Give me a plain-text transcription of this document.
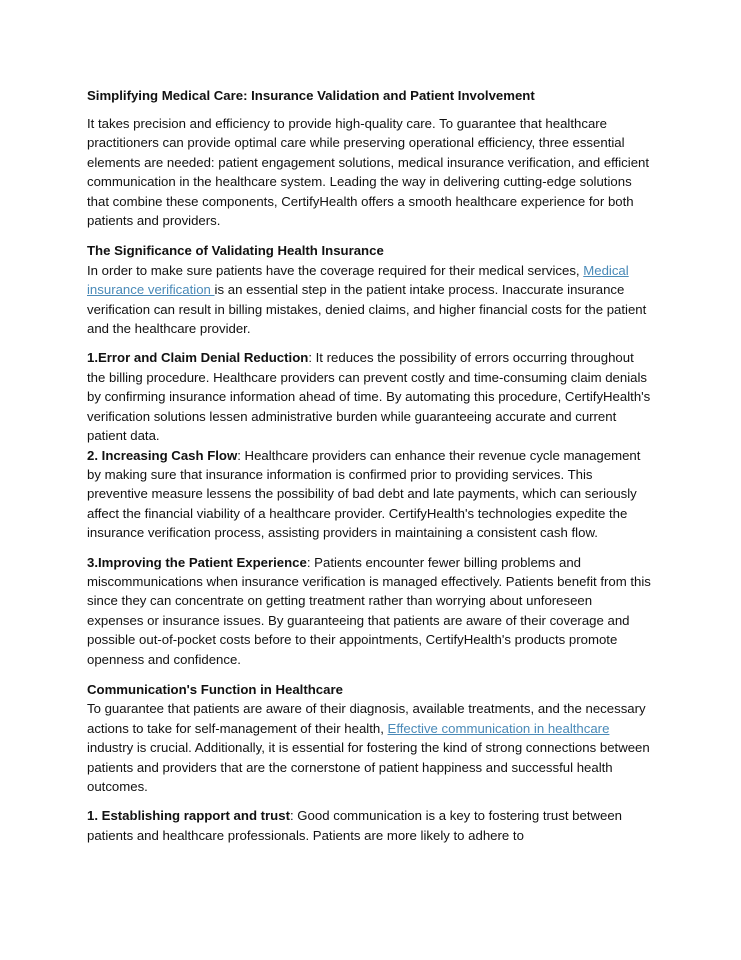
Simplifying Medical Care: Insurance Validation and Patient Involvement

It takes precision and efficiency to provide high-quality care. To guarantee that healthcare practitioners can provide optimal care while preserving operational efficiency, three essential elements are needed: patient engagement solutions, medical insurance verification, and efficient communication in the healthcare system. Leading the way in delivering cutting-edge solutions that combine these components, CertifyHealth offers a smooth healthcare experience for both patients and providers.

The Significance of Validating Health Insurance
In order to make sure patients have the coverage required for their medical services, Medical insurance verification is an essential step in the patient intake process. Inaccurate insurance verification can result in billing mistakes, denied claims, and higher financial costs for the patient and the healthcare provider.

1.Error and Claim Denial Reduction: It reduces the possibility of errors occurring throughout the billing procedure. Healthcare providers can prevent costly and time-consuming claim denials by confirming insurance information ahead of time. By automating this procedure, CertifyHealth's verification solutions lessen administrative burden while guaranteeing accurate and current patient data.

2. Increasing Cash Flow: Healthcare providers can enhance their revenue cycle management by making sure that insurance information is confirmed prior to providing services. This preventive measure lessens the possibility of bad debt and late payments, which can seriously affect the financial viability of a healthcare provider. CertifyHealth's technologies expedite the insurance verification process, assisting providers in maintaining a consistent cash flow.

3.Improving the Patient Experience: Patients encounter fewer billing problems and miscommunications when insurance verification is managed effectively. Patients benefit from this since they can concentrate on getting treatment rather than worrying about unforeseen expenses or insurance issues. By guaranteeing that patients are aware of their coverage and possible out-of-pocket costs before to their appointments, CertifyHealth's products promote openness and confidence.

Communication's Function in Healthcare
To guarantee that patients are aware of their diagnosis, available treatments, and the necessary actions to take for self-management of their health, Effective communication in healthcare industry is crucial. Additionally, it is essential for fostering the kind of strong connections between patients and providers that are the cornerstone of patient happiness and successful health outcomes.

1. Establishing rapport and trust: Good communication is a key to fostering trust between patients and healthcare professionals. Patients are more likely to adhere to
